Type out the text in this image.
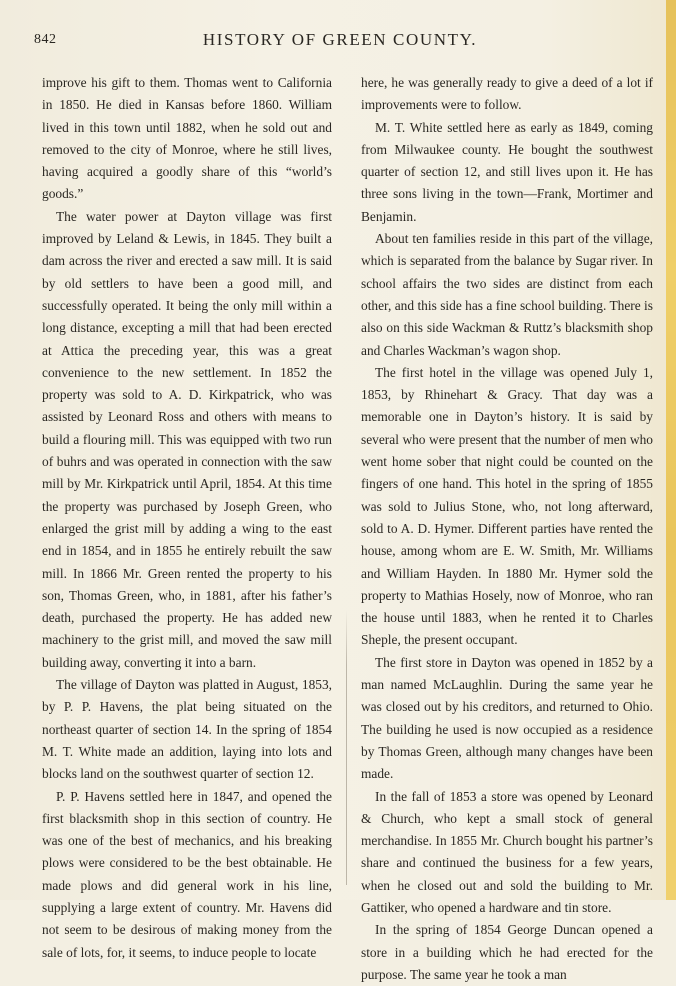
842	HISTORY OF GREEN COUNTY.

improve his gift to them. Thomas went to California in 1850. He died in Kansas before 1860. William lived in this town until 1882, when he sold out and removed to the city of Monroe, where he still lives, having acquired a goodly share of this “world’s goods.”

The water power at Dayton village was first improved by Leland & Lewis, in 1845. They built a dam across the river and erected a saw mill. It is said by old settlers to have been a good mill, and successfully operated. It being the only mill within a long distance, excepting a mill that had been erected at Attica the preceding year, this was a great convenience to the new settlement. In 1852 the property was sold to A. D. Kirkpatrick, who was assisted by Leonard Ross and others with means to build a flouring mill. This was equipped with two run of buhrs and was operated in connection with the saw mill by Mr. Kirkpatrick until April, 1854. At this time the property was purchased by Joseph Green, who enlarged the grist mill by adding a wing to the east end in 1854, and in 1855 he entirely rebuilt the saw mill. In 1866 Mr. Green rented the property to his son, Thomas Green, who, in 1881, after his father’s death, purchased the property. He has added new machinery to the grist mill, and moved the saw mill building away, converting it into a barn.

The village of Dayton was platted in August, 1853, by P. P. Havens, the plat being situated on the northeast quarter of section 14. In the spring of 1854 M. T. White made an addition, laying into lots and blocks land on the southwest quarter of section 12.

P. P. Havens settled here in 1847, and opened the first blacksmith shop in this section of country. He was one of the best of mechanics, and his breaking plows were considered to be the best obtainable. He made plows and did general work in his line, supplying a large extent of country. Mr. Havens did not seem to be desirous of making money from the sale of lots, for, it seems, to induce people to locate

here, he was generally ready to give a deed of a lot if improvements were to follow.

M. T. White settled here as early as 1849, coming from Milwaukee county. He bought the southwest quarter of section 12, and still lives upon it. He has three sons living in the town—Frank, Mortimer and Benjamin.

About ten families reside in this part of the village, which is separated from the balance by Sugar river. In school affairs the two sides are distinct from each other, and this side has a fine school building. There is also on this side Wackman & Ruttz’s blacksmith shop and Charles Wackman’s wagon shop.

The first hotel in the village was opened July 1, 1853, by Rhinehart & Gracy. That day was a memorable one in Dayton’s history. It is said by several who were present that the number of men who went home sober that night could be counted on the fingers of one hand. This hotel in the spring of 1855 was sold to Julius Stone, who, not long afterward, sold to A. D. Hymer. Different parties have rented the house, among whom are E. W. Smith, Mr. Williams and William Hayden. In 1880 Mr. Hymer sold the property to Mathias Hosely, now of Monroe, who ran the house until 1883, when he rented it to Charles Sheple, the present occupant.

The first store in Dayton was opened in 1852 by a man named McLaughlin. During the same year he was closed out by his creditors, and returned to Ohio. The building he used is now occupied as a residence by Thomas Green, although many changes have been made.

In the fall of 1853 a store was opened by Leonard & Church, who kept a small stock of general merchandise. In 1855 Mr. Church bought his partner’s share and continued the business for a few years, when he closed out and sold the building to Mr. Gattiker, who opened a hardware and tin store.

In the spring of 1854 George Duncan opened a store in a building which he had erected for the purpose. The same year he took a man
